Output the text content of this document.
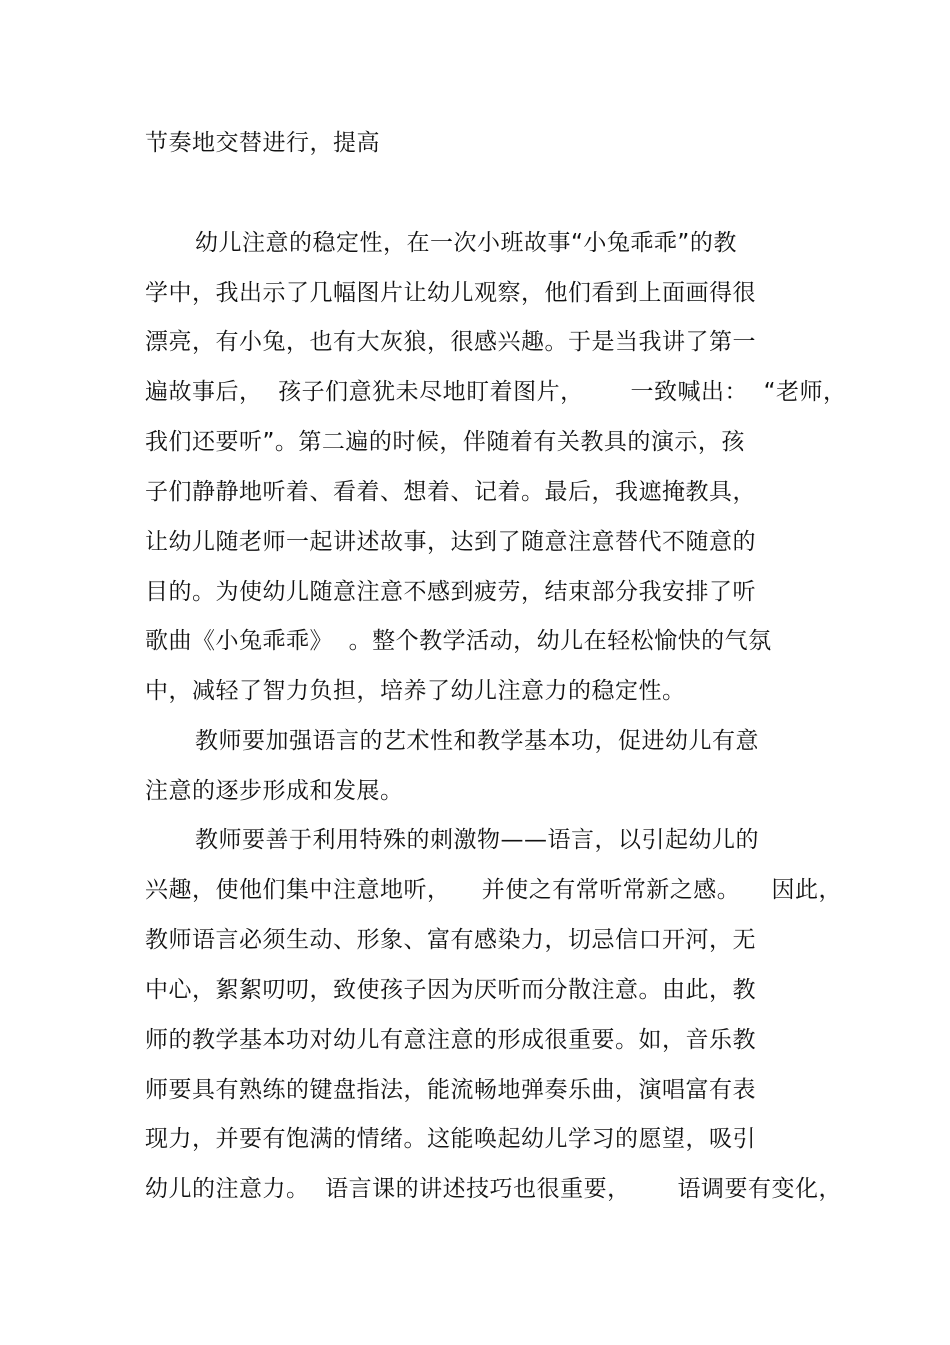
节奏地交替进行，提高
幼儿注意的稳定性，在一次小班故事“小兔乖乖”的教
学中，我出示了几幅图片让幼儿观察，他们看到上面画得很
漂亮，有小兔，也有大灰狼，很感兴趣。于是当我讲了第一
遍故事后，  孩子们意犹未尽地盯着图片，      一致喊出：  “老师，
我们还要听”。第二遍的时候，伴随着有关教具的演示，孩
子们静静地听着、看着、想着、记着。最后，我遮掩教具，
让幼儿随老师一起讲述故事，达到了随意注意替代不随意的
目的。为使幼儿随意注意不感到疲劳，结束部分我安排了听
歌曲《小兔乖乖》  。整个教学活动，幼儿在轻松愉快的气氛
中，减轻了智力负担，培养了幼儿注意力的稳定性。
教师要加强语言的艺术性和教学基本功，促进幼儿有意
注意的逐步形成和发展。
教师要善于利用特殊的刺激物——语言，以引起幼儿的
兴趣，使他们集中注意地听，    并使之有常听常新之感。    因此，
教师语言必须生动、形象、富有感染力，切忌信口开河，无
中心，絮絮叨叨，致使孩子因为厌听而分散注意。由此，教
师的教学基本功对幼儿有意注意的形成很重要。如，音乐教
师要具有熟练的键盘指法，能流畅地弹奏乐曲，演唱富有表
现力，并要有饱满的情绪。这能唤起幼儿学习的愿望，吸引
幼儿的注意力。  语言课的讲述技巧也很重要，      语调要有变化，
